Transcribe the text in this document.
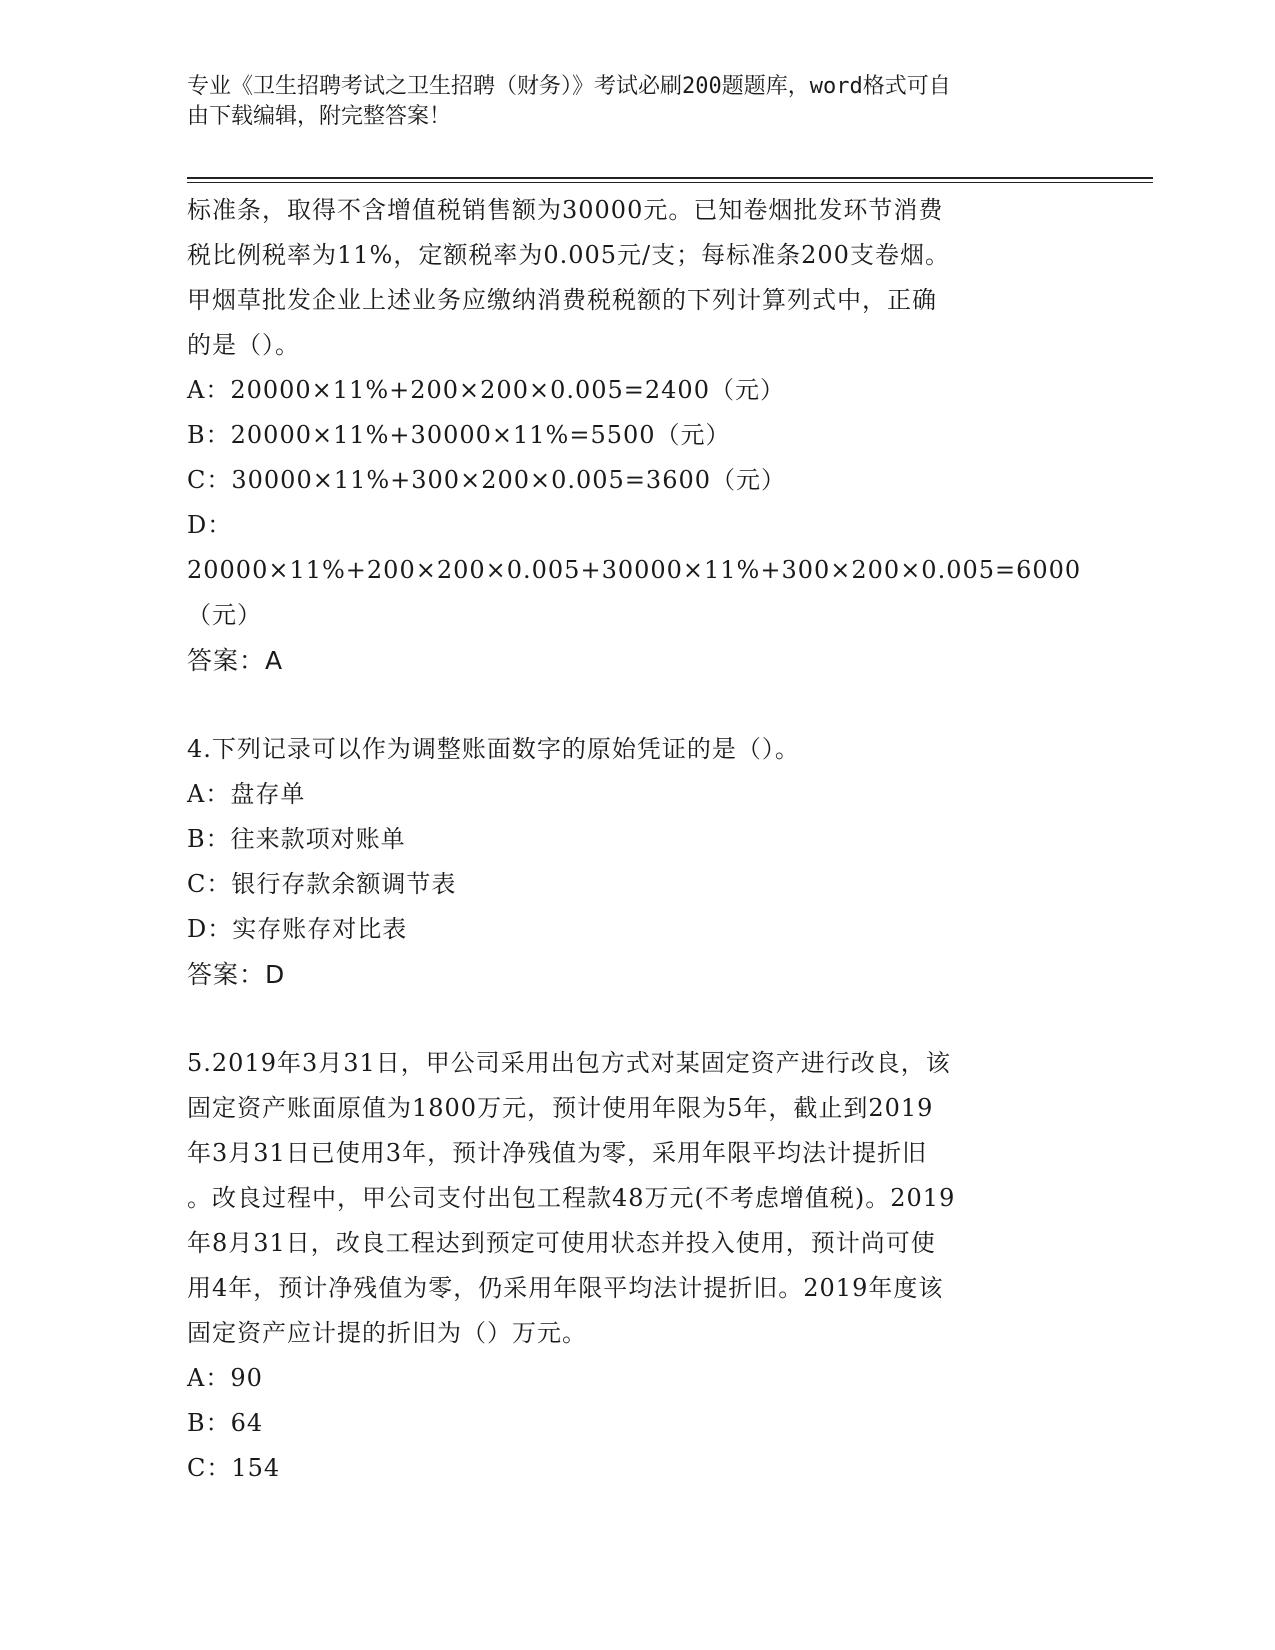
专业《卫生招聘考试之卫生招聘（财务）》考试必刷200题题库，word格式可自
由下载编辑，附完整答案！

标准条，取得不含增值税销售额为30000元。已知卷烟批发环节消费

税比例税率为11%，定额税率为0.005元/支；每标准条200支卷烟。

甲烟草批发企业上述业务应缴纳消费税税额的下列计算列式中，正确

的是（）。

A：20000×11%+200×200×0.005=2400（元）

B：20000×11%+30000×11%=5500（元）

C：30000×11%+300×200×0.005=3600（元）

D：20000×11%+200×200×0.005+30000×11%+300×200×0.005=6000

（元）

答案：A

4.下列记录可以作为调整账面数字的原始凭证的是（）。

A：盘存单

B：往来款项对账单

C：银行存款余额调节表

D：实存账存对比表

答案：D

5.2019年3月31日，甲公司采用出包方式对某固定资产进行改良，该

固定资产账面原值为1800万元，预计使用年限为5年，截止到2019

年3月31日已使用3年，预计净残值为零，采用年限平均法计提折旧

。改良过程中，甲公司支付出包工程款48万元(不考虑增值税)。2019

年8月31日，改良工程达到预定可使用状态并投入使用，预计尚可使

用4年，预计净残值为零，仍采用年限平均法计提折旧。2019年度该

固定资产应计提的折旧为（）万元。

A：90

B：64

C：154
